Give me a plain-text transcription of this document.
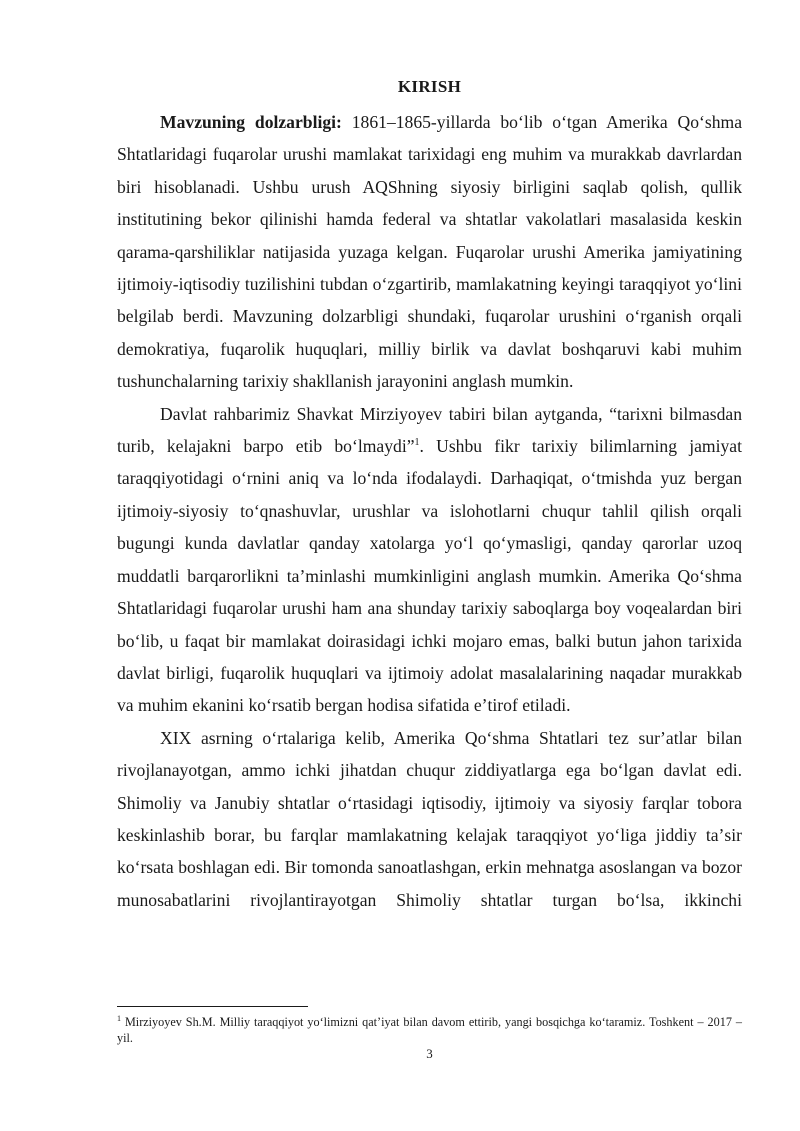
KIRISH

Mavzuning dolzarbligi: 1861–1865-yillarda boʻlib oʻtgan Amerika Qoʻshma Shtatlaridagi fuqarolar urushi mamlakat tarixidagi eng muhim va murakkab davrlardan biri hisoblanadi. Ushbu urush AQShning siyosiy birligini saqlab qolish, qullik institutining bekor qilinishi hamda federal va shtatlar vakolatlari masalasida keskin qarama-qarshiliklar natijasida yuzaga kelgan. Fuqarolar urushi Amerika jamiyatining ijtimoiy-iqtisodiy tuzilishini tubdan oʻzgartirib, mamlakatning keyingi taraqqiyot yoʻlini belgilab berdi. Mavzuning dolzarbligi shundaki, fuqarolar urushini oʻrganish orqali demokratiya, fuqarolik huquqlari, milliy birlik va davlat boshqaruvi kabi muhim tushunchalarning tarixiy shakllanish jarayonini anglash mumkin.

Davlat rahbarimiz Shavkat Mirziyoyev tabiri bilan aytganda, “tarixni bilmasdan turib, kelajakni barpo etib boʻlmaydi”$^1$. Ushbu fikr tarixiy bilimlarning jamiyat taraqqiyotidagi oʻrnini aniq va loʻnda ifodalaydi. Darhaqiqat, oʻtmishda yuz bergan ijtimoiy-siyosiy toʻqnashuvlar, urushlar va islohotlarni chuqur tahlil qilish orqali bugungi kunda davlatlar qanday xatolarga yoʻl qoʻymasligi, qanday qarorlar uzoq muddatli barqarorlikni taʼminlashi mumkinligini anglash mumkin. Amerika Qoʻshma Shtatlaridagi fuqarolar urushi ham ana shunday tarixiy saboqlarga boy voqealardan biri boʻlib, u faqat bir mamlakat doirasidagi ichki mojaro emas, balki butun jahon tarixida davlat birligi, fuqarolik huquqlari va ijtimoiy adolat masalalarining naqadar murakkab va muhim ekanini koʻrsatib bergan hodisa sifatida eʼtirof etiladi.

XIX asrning oʻrtalariga kelib, Amerika Qoʻshma Shtatlari tez surʼatlar bilan rivojlanayotgan, ammo ichki jihatdan chuqur ziddiyatlarga ega boʻlgan davlat edi. Shimoliy va Janubiy shtatlar oʻrtasidagi iqtisodiy, ijtimoiy va siyosiy farqlar tobora keskinlashib borar, bu farqlar mamlakatning kelajak taraqqiyot yoʻliga jiddiy taʼsir koʻrsata boshlagan edi. Bir tomonda sanoatlashgan, erkin mehnatga asoslangan va bozor munosabatlarini rivojlantirayotgan Shimoliy shtatlar turgan boʻlsa, ikkinchi

$^1$ Mirziyoyev Sh.M. Milliy taraqqiyot yoʻlimizni qatʼiyat bilan davom ettirib, yangi bosqichga koʻtaramiz. Toshkent – 2017 –yil.
3
